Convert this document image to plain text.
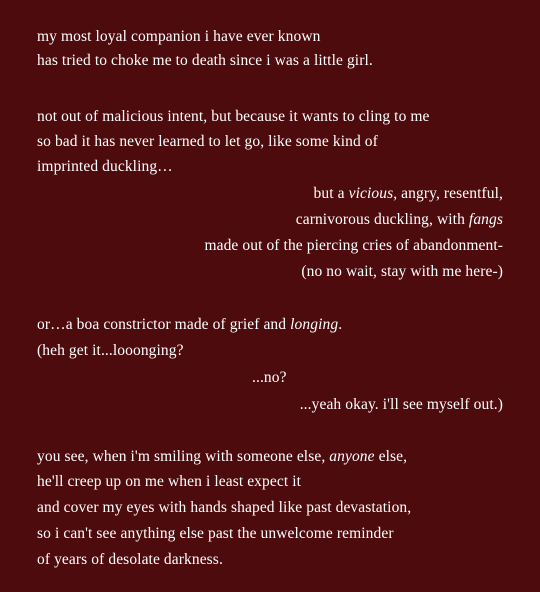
my most loyal companion i have ever known
has tried to choke me to death since i was a little girl.
not out of malicious intent, but because it wants to cling to me
so bad it has never learned to let go, like some kind of
imprinted duckling…
but a vicious, angry, resentful,
carnivorous duckling, with fangs
made out of the piercing cries of abandonment-
(no no wait, stay with me here-)
or…a boa constrictor made of grief and longing.
(heh get it...looonging?
...no?
...yeah okay. i'll see myself out.)
you see, when i'm smiling with someone else, anyone else,
he'll creep up on me when i least expect it
and cover my eyes with hands shaped like past devastation,
so i can't see anything else past the unwelcome reminder
of years of desolate darkness.
